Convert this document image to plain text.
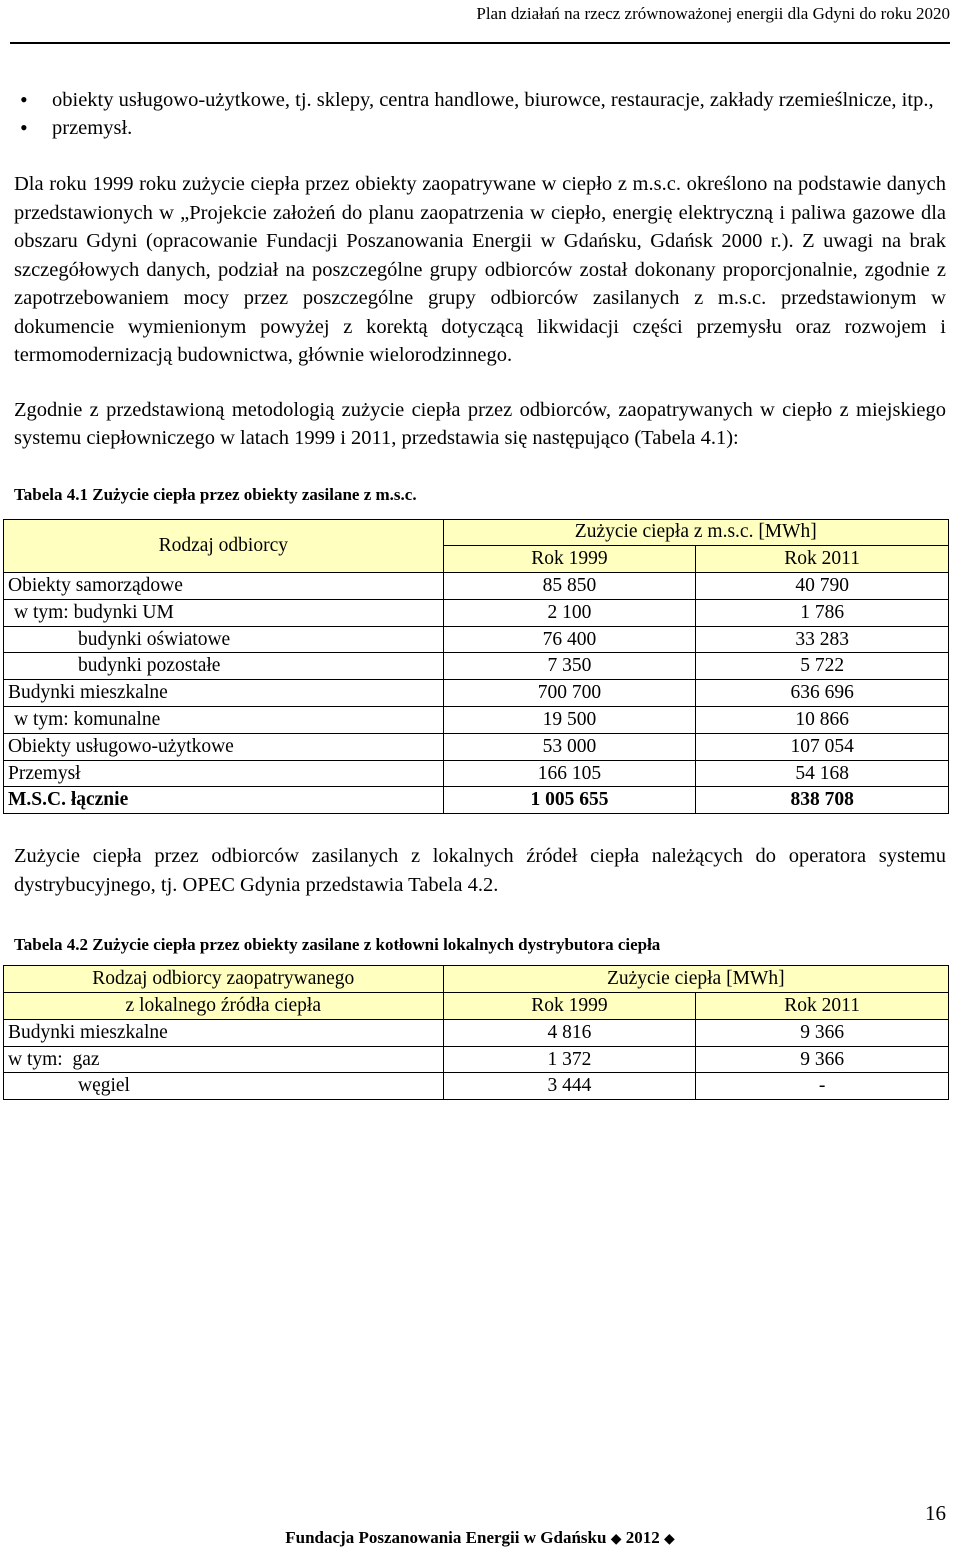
Plan działań na rzecz zrównoważonej energii dla Gdyni do roku 2020
• obiekty usługowo-użytkowe, tj. sklepy, centra handlowe, biurowce, restauracje, zakłady rzemieślnicze, itp.,
• przemysł.

Dla roku 1999 roku zużycie ciepła przez obiekty zaopatrywane w ciepło z m.s.c. określono na podstawie danych przedstawionych w „Projekcie założeń do planu zaopatrzenia w ciepło, energię elektryczną i paliwa gazowe dla obszaru Gdyni (opracowanie Fundacji Poszanowania Energii w Gdańsku, Gdańsk 2000 r.). Z uwagi na brak szczegółowych danych, podział na poszczególne grupy odbiorców został dokonany proporcjonalnie, zgodnie z zapotrzebowaniem mocy przez poszczególne grupy odbiorców zasilanych z m.s.c. przedstawionym w dokumencie wymienionym powyżej z korektą dotyczącą likwidacji części przemysłu oraz rozwojem i termomodernizacją budownictwa, głównie wielorodzinnego.

Zgodnie z przedstawioną metodologią zużycie ciepła przez odbiorców, zaopatrywanych w ciepło z miejskiego systemu ciepłowniczego w latach 1999 i 2011, przedstawia się następująco (Tabela 4.1):

Tabela 4.1 Zużycie ciepła przez obiekty zasilane z m.s.c.

Rodzaj odbiorcy	Zużycie ciepła z m.s.c. [MWh]	
	Rok 1999	Rok 2011
Obiekty samorządowe	85 850	40 790
w tym: budynki UM	2 100	1 786
budynki oświatowe	76 400	33 283
budynki pozostałe	7 350	5 722
Budynki mieszkalne	700 700	636 696
w tym: komunalne	19 500	10 866
Obiekty usługowo-użytkowe	53 000	107 054
Przemysł	166 105	54 168
M.S.C. łącznie	1 005 655	838 708

Zużycie ciepła przez odbiorców zasilanych z lokalnych źródeł ciepła należących do operatora systemu dystrybucyjnego, tj. OPEC Gdynia przedstawia Tabela 4.2.

Tabela 4.2 Zużycie ciepła przez obiekty zasilane z kotłowni lokalnych dystrybutora ciepła

Rodzaj odbiorcy zaopatrywanego	Zużycie ciepła [MWh]	
z lokalnego źródła ciepła	Rok 1999	Rok 2011
Budynki mieszkalne	4 816	9 366
w tym:  gaz	1 372	9 366
węgiel	3 444	-
16
Fundacja Poszanowania Energii w Gdańsku ◆ 2012 ◆
